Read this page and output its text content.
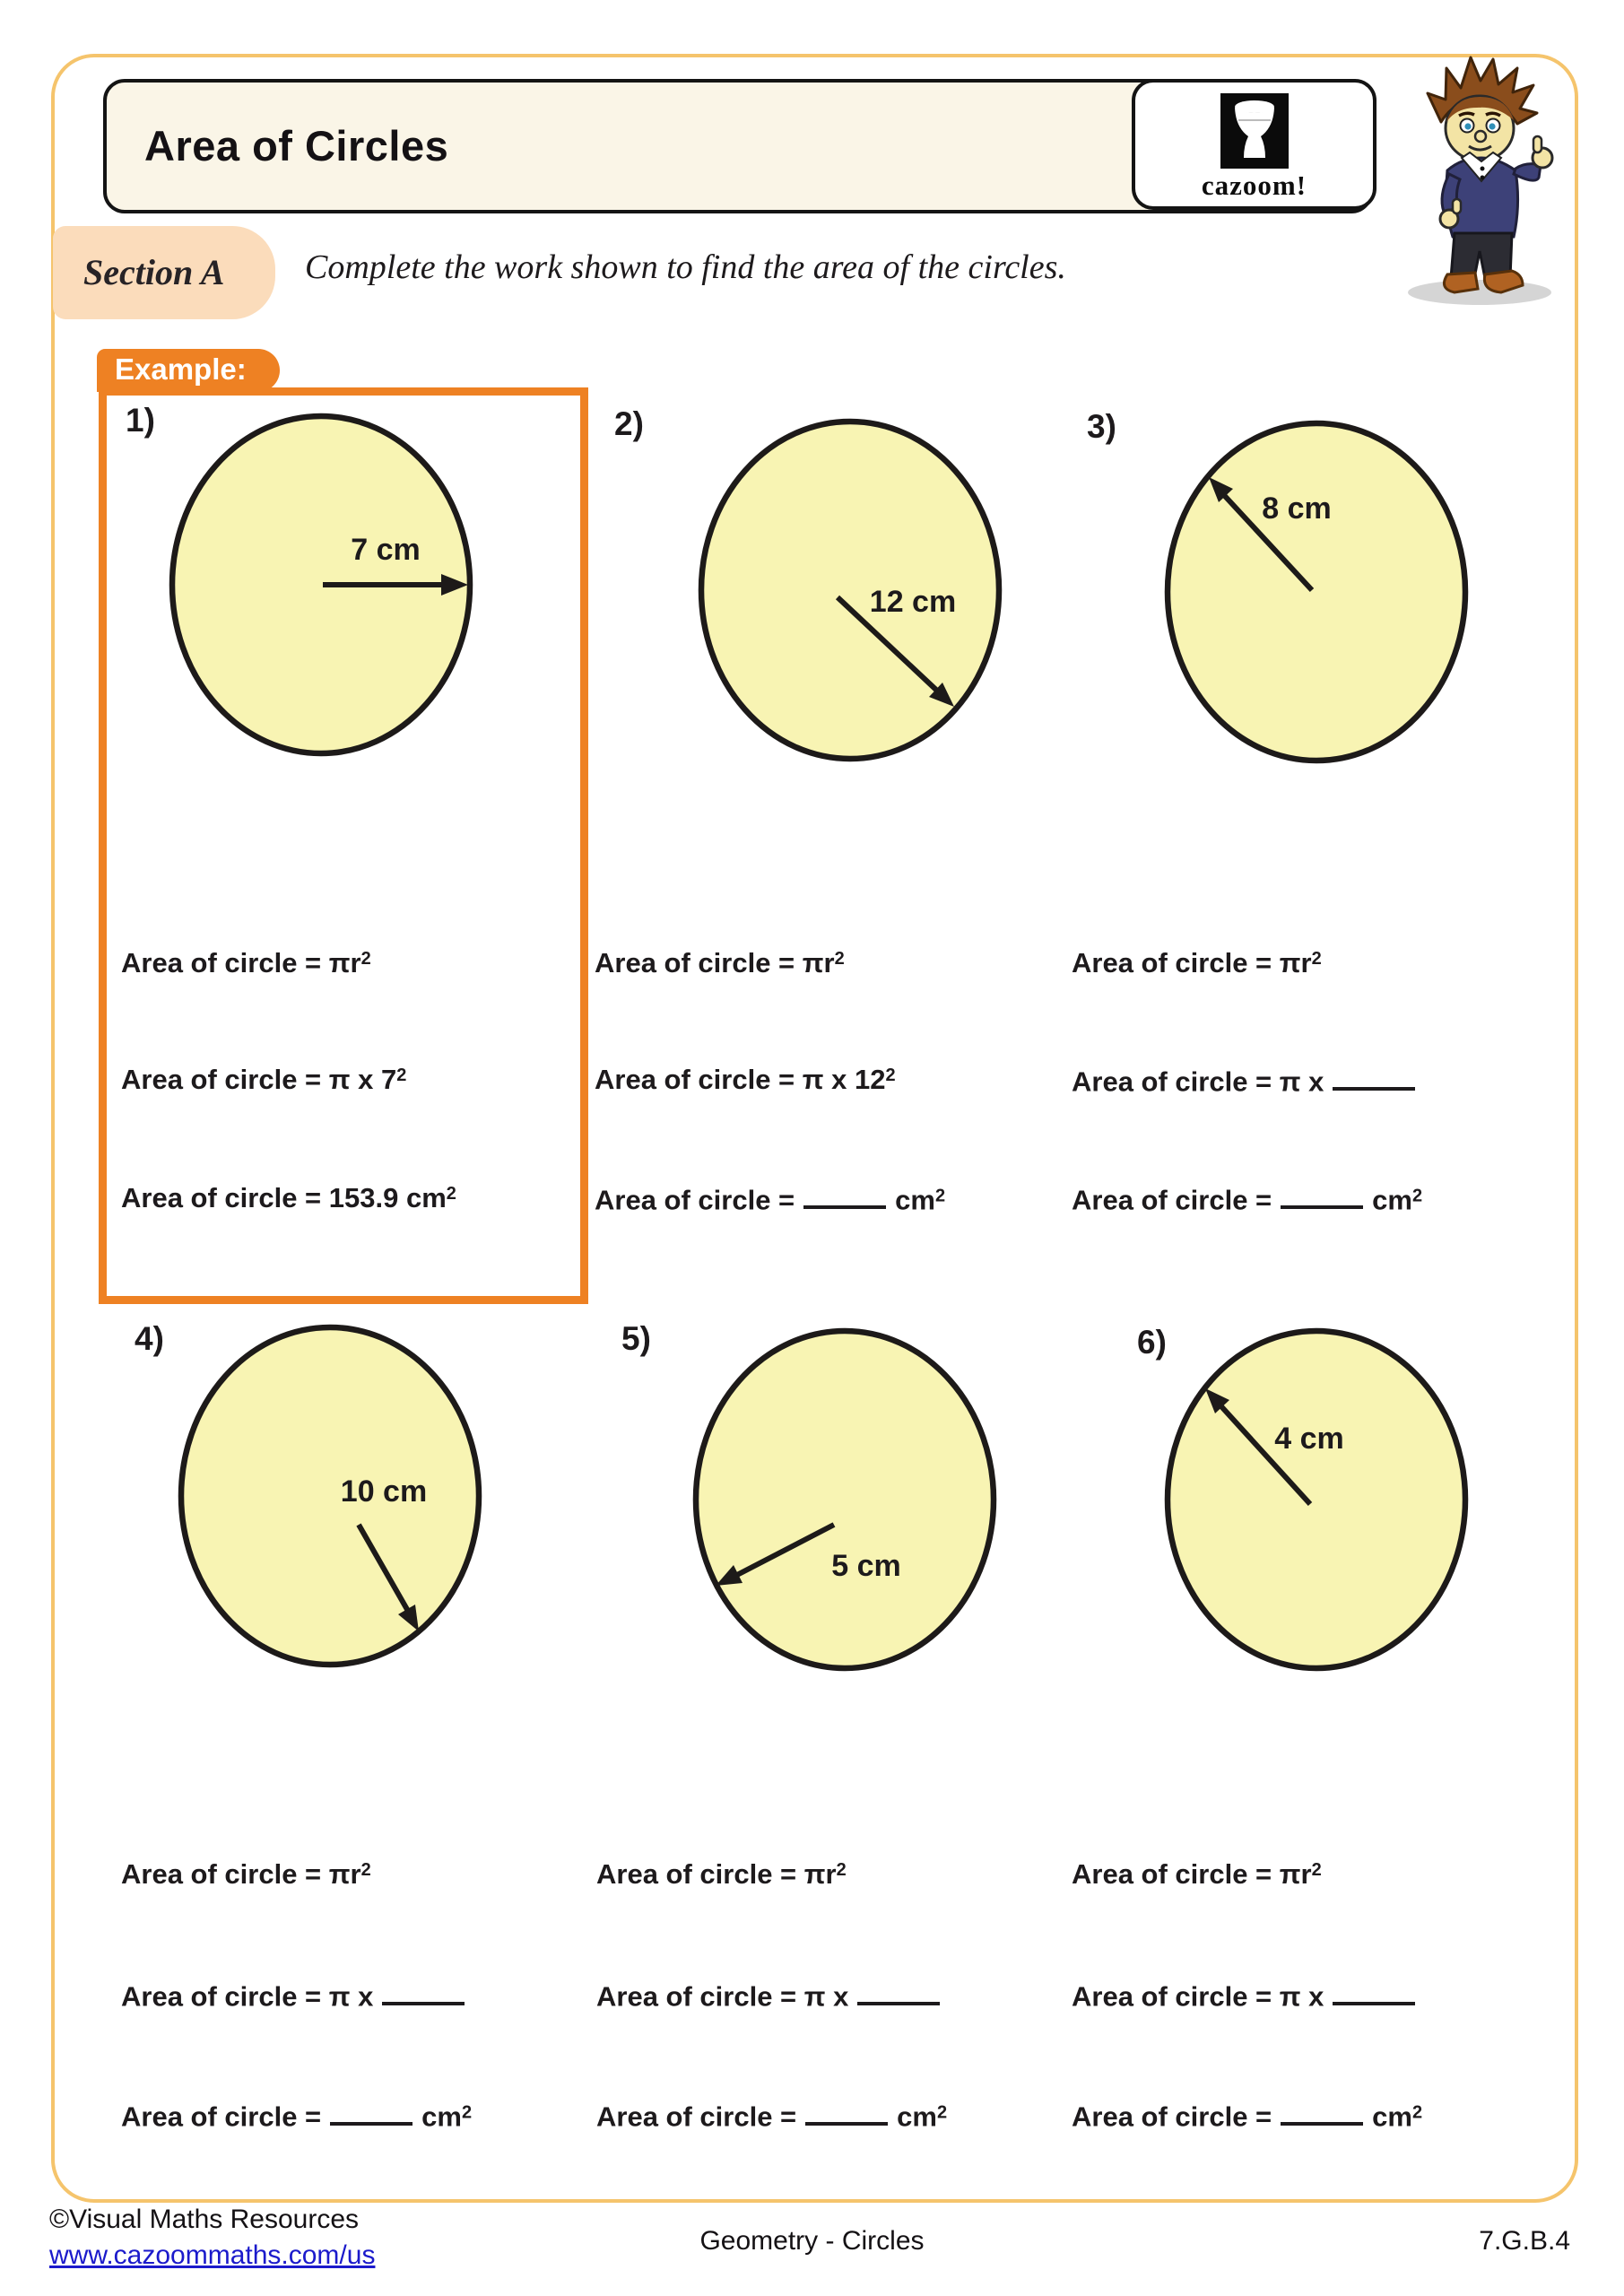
Area of Circles
cazoom!
Section A Complete the work shown to find the area of the circles.
Example:
1)	2)	3)
4)	5)	6)
7 cm
12 cm
8 cm
10 cm
5 cm
4 cm
Area of circle = $\pi r^2$
Area of circle = π x $7^2$
Area of circle = 153.9 $cm^2$
Area of circle = $\pi r^2$
Area of circle = π x $12^2$
Area of circle =	$cm^2$
Area of circle = $\pi r^2$
Area of circle = π x
Area of circle =	$cm^2$
Area of circle = $\pi r^2$
Area of circle = π x
Area of circle =	$cm^2$
Area of circle = $\pi r^2$
Area of circle = π x
Area of circle =	$cm^2$
Area of circle = $\pi r^2$
Area of circle = π x
Area of circle =	$cm^2$
©Visual Maths Resources
www.cazoommaths.com/us	Geometry - Circles	7.G.B.4
